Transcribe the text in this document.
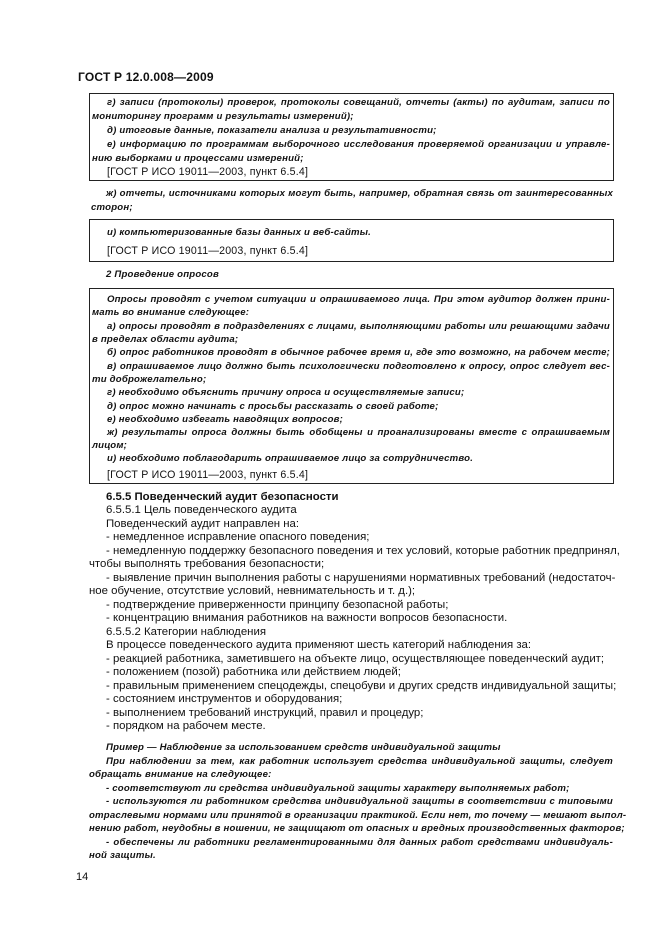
ГОСТ Р 12.0.008—2009
г) записи (протоколы) проверок, протоколы совещаний, отчеты (акты) по аудитам, записи по
мониторингу программ и результаты измерений);
д) итоговые данные, показатели анализа и результативности;
е) информацию по программам выборочного исследования проверяемой организации и управле-
нию выборками и процессами измерений;
[ГОСТ Р ИСО 19011—2003, пункт 6.5.4]
ж) отчеты, источниками которых могут быть, например, обратная связь от заинтересованных
сторон;
и) компьютеризованные базы данных и веб-сайты.
[ГОСТ Р ИСО 19011—2003, пункт 6.5.4]
2 Проведение опросов
Опросы проводят с учетом ситуации и опрашиваемого лица. При этом аудитор должен прини-
мать во внимание следующее:
а) опросы проводят в подразделениях с лицами, выполняющими работы или решающими задачи
в пределах области аудита;
б) опрос работников проводят в обычное рабочее время и, где это возможно, на рабочем месте;
в) опрашиваемое лицо должно быть психологически подготовлено к опросу, опрос следует вес-
ти доброжелательно;
г) необходимо объяснить причину опроса и осуществляемые записи;
д) опрос можно начинать с просьбы рассказать о своей работе;
е) необходимо избегать наводящих вопросов;
ж) результаты опроса должны быть обобщены и проанализированы вместе с опрашиваемым
лицом;
и) необходимо поблагодарить опрашиваемое лицо за сотрудничество.
[ГОСТ Р ИСО 19011—2003, пункт 6.5.4]
6.5.5 Поведенческий аудит безопасности
6.5.5.1 Цель поведенческого аудита
Поведенческий аудит направлен на:
- немедленное исправление опасного поведения;
- немедленную поддержку безопасного поведения и тех условий, которые работник предпринял,
чтобы выполнять требования безопасности;
- выявление причин выполнения работы с нарушениями нормативных требований (недостаточ-
ное обучение, отсутствие условий, невнимательность и т. д.);
- подтверждение приверженности принципу безопасной работы;
- концентрацию внимания работников на важности вопросов безопасности.
6.5.5.2 Категории наблюдения
В процессе поведенческого аудита применяют шесть категорий наблюдения за:
- реакцией работника, заметившего на объекте лицо, осуществляющее поведенческий аудит;
- положением (позой) работника или действием людей;
- правильным применением спецодежды, спецобуви и других средств индивидуальной защиты;
- состоянием инструментов и оборудования;
- выполнением требований инструкций, правил и процедур;
- порядком на рабочем месте.
Пример — Наблюдение за использованием средств индивидуальной защиты
При наблюдении за тем, как работник использует средства индивидуальной защиты, следует
обращать внимание на следующее:
- соответствуют ли средства индивидуальной защиты характеру выполняемых работ;
- используются ли работником средства индивидуальной защиты в соответствии с типовыми
отраслевыми нормами или принятой в организации практикой. Если нет, то почему — мешают выпол-
нению работ, неудобны в ношении, не защищают от опасных и вредных производственных факторов;
- обеспечены ли работники регламентированными для данных работ средствами индивидуаль-
ной защиты.
14
